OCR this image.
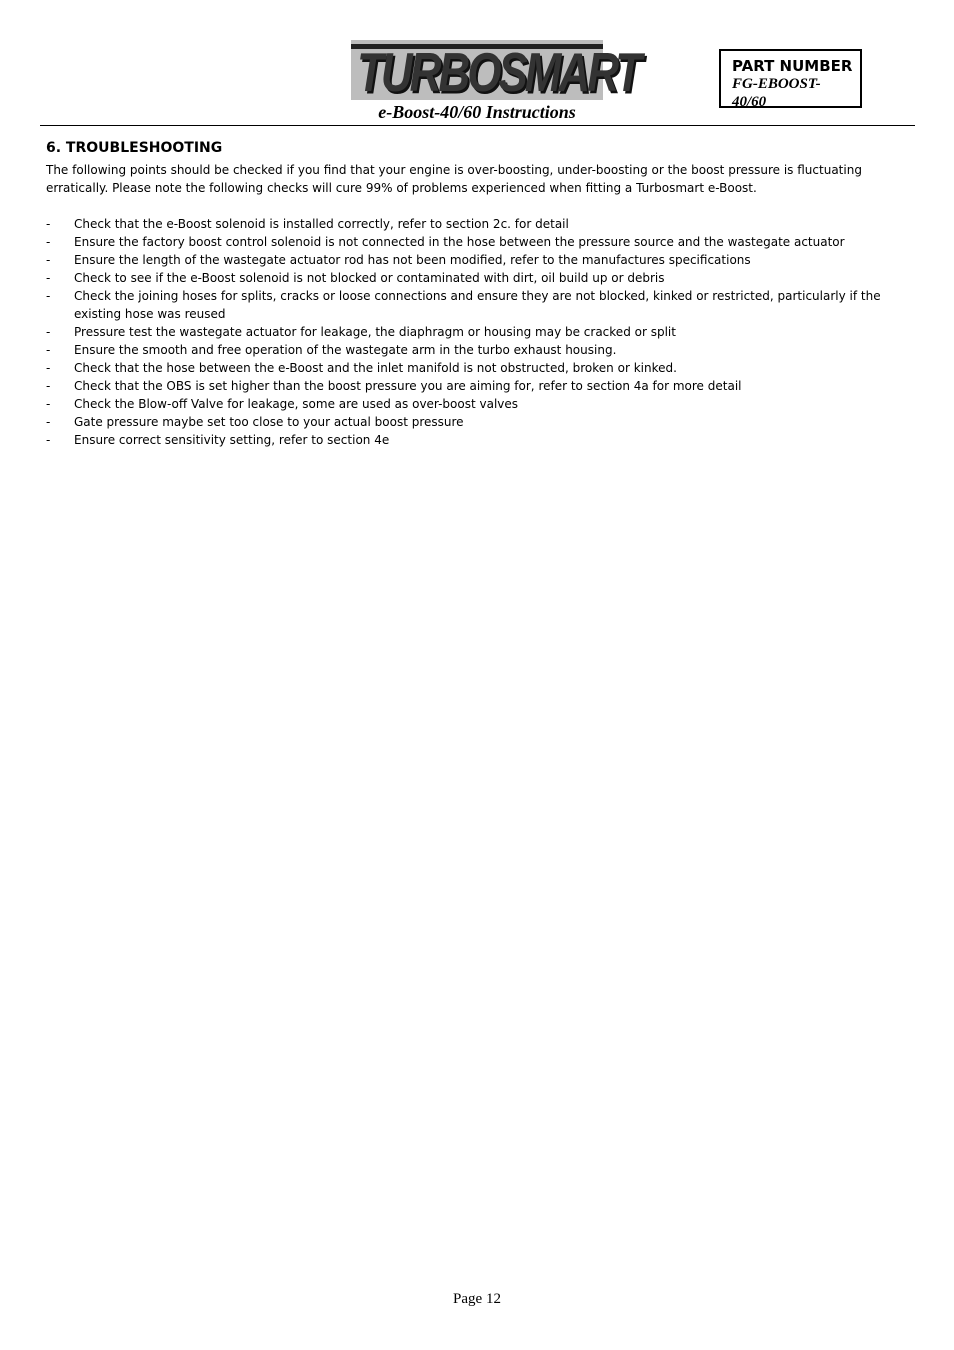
TURBOSMART
e-Boost-40/60 Instructions
PART NUMBER
FG-EBOOST-40/60
6. TROUBLESHOOTING
The following points should be checked if you find that your engine is over-boosting, under-boosting or the boost pressure is fluctuating erratically. Please note the following checks will cure 99% of problems experienced when fitting a Turbosmart e-Boost.
- Check that the e-Boost solenoid is installed correctly, refer to section 2c. for detail
- Ensure the factory boost control solenoid is not connected in the hose between the pressure source and the wastegate actuator
- Ensure the length of the wastegate actuator rod has not been modified, refer to the manufactures specifications
- Check to see if the e-Boost solenoid is not blocked or contaminated with dirt, oil build up or debris
- Check the joining hoses for splits, cracks or loose connections and ensure they are not blocked, kinked or restricted, particularly if the existing hose was reused
- Pressure test the wastegate actuator for leakage, the diaphragm or housing may be cracked or split
- Ensure the smooth and free operation of the wastegate arm in the turbo exhaust housing.
- Check that the hose between the e-Boost and the inlet manifold is not obstructed, broken or kinked.
- Check that the OBS is set higher than the boost pressure you are aiming for, refer to section 4a for more detail
- Check the Blow-off Valve for leakage, some are used as over-boost valves
- Gate pressure maybe set too close to your actual boost pressure
- Ensure correct sensitivity setting, refer to section 4e
Page 12
